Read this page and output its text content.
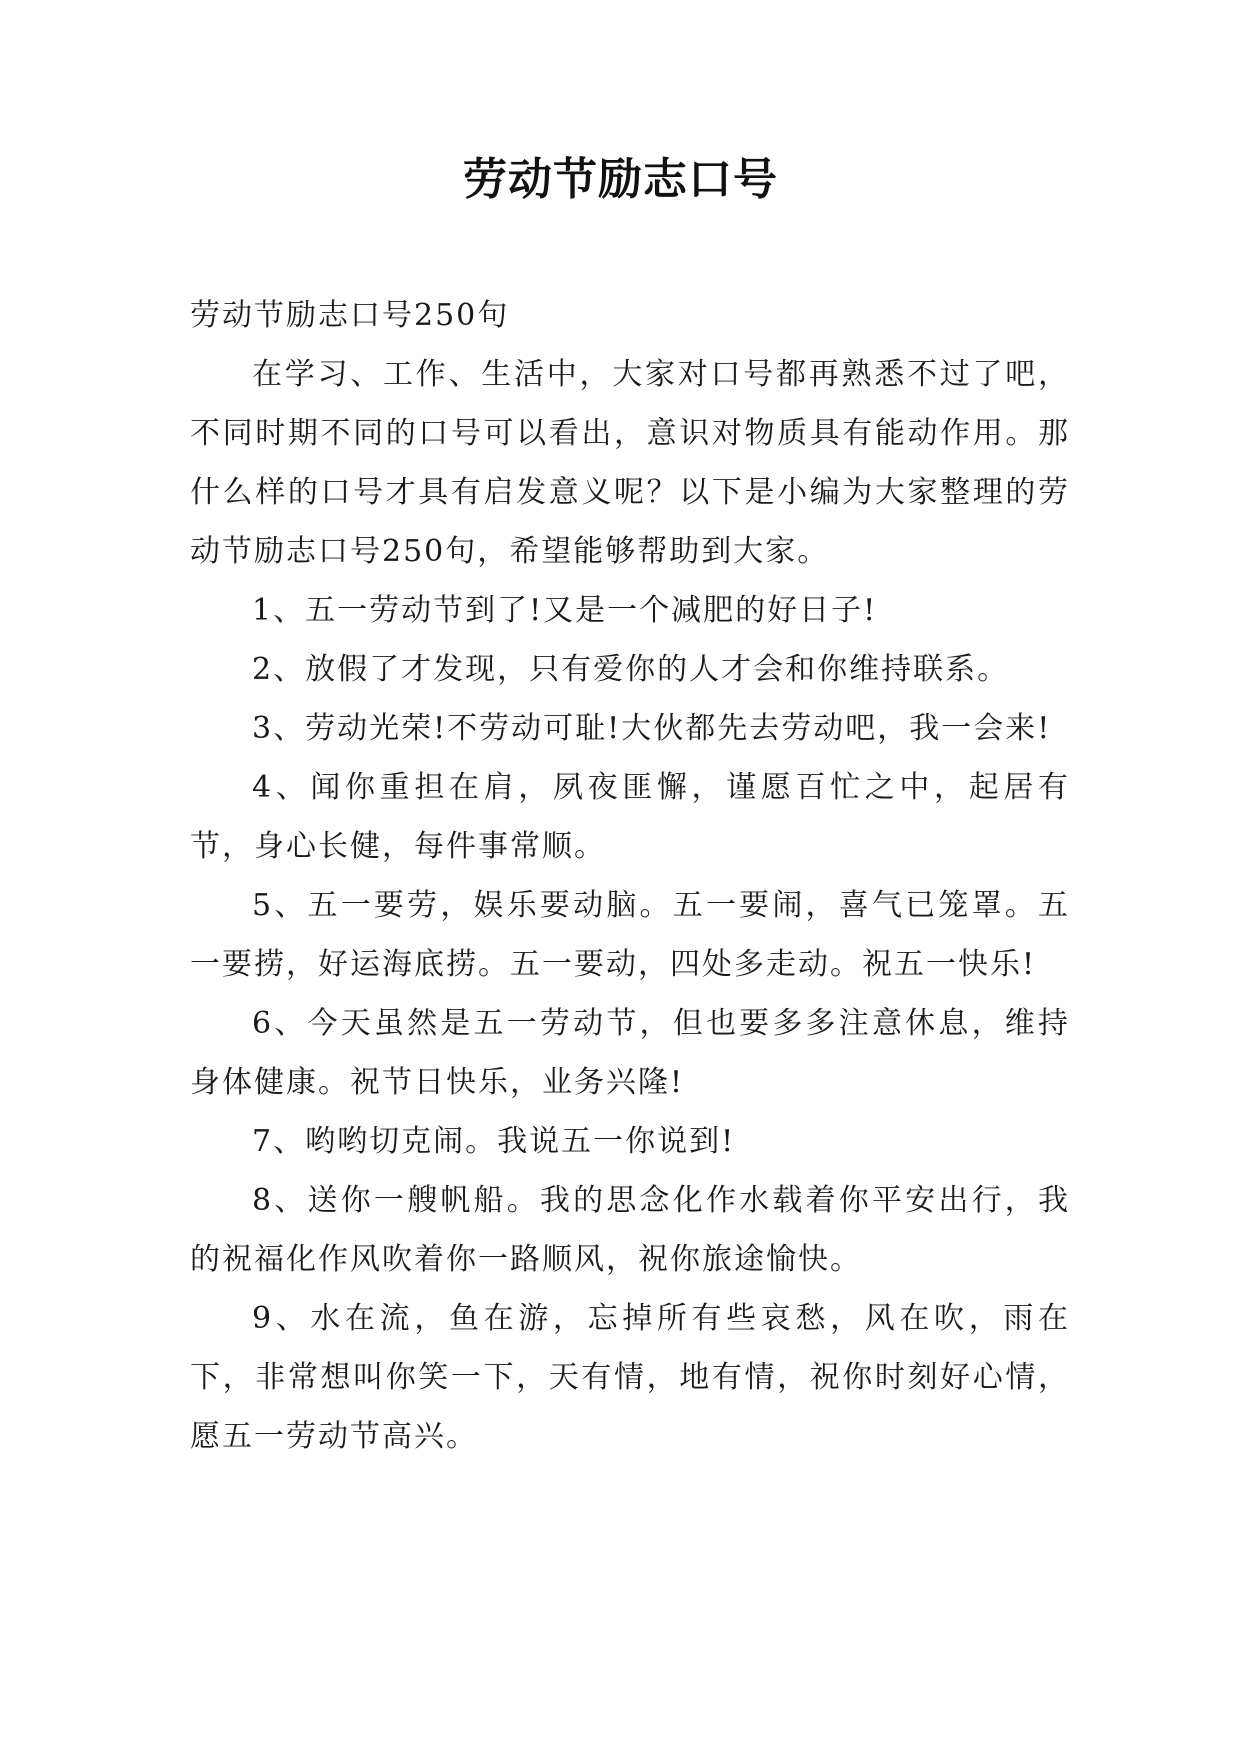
劳动节励志口号

劳动节励志口号250句

在学习、工作、生活中，大家对口号都再熟悉不过了吧，不同时期不同的口号可以看出，意识对物质具有能动作用。那什么样的口号才具有启发意义呢？以下是小编为大家整理的劳动节励志口号250句，希望能够帮助到大家。

1、五一劳动节到了!又是一个减肥的好日子!

2、放假了才发现，只有爱你的人才会和你维持联系。

3、劳动光荣!不劳动可耻!大伙都先去劳动吧，我一会来!

4、闻你重担在肩，夙夜匪懈，谨愿百忙之中，起居有节，身心长健，每件事常顺。

5、五一要劳，娱乐要动脑。五一要闹，喜气已笼罩。五一要捞，好运海底捞。五一要动，四处多走动。祝五一快乐!

6、今天虽然是五一劳动节，但也要多多注意休息，维持身体健康。祝节日快乐，业务兴隆!

7、哟哟切克闹。我说五一你说到!

8、送你一艘帆船。我的思念化作水载着你平安出行，我的祝福化作风吹着你一路顺风，祝你旅途愉快。

9、水在流，鱼在游，忘掉所有些哀愁，风在吹，雨在下，非常想叫你笑一下，天有情，地有情，祝你时刻好心情，愿五一劳动节高兴。
